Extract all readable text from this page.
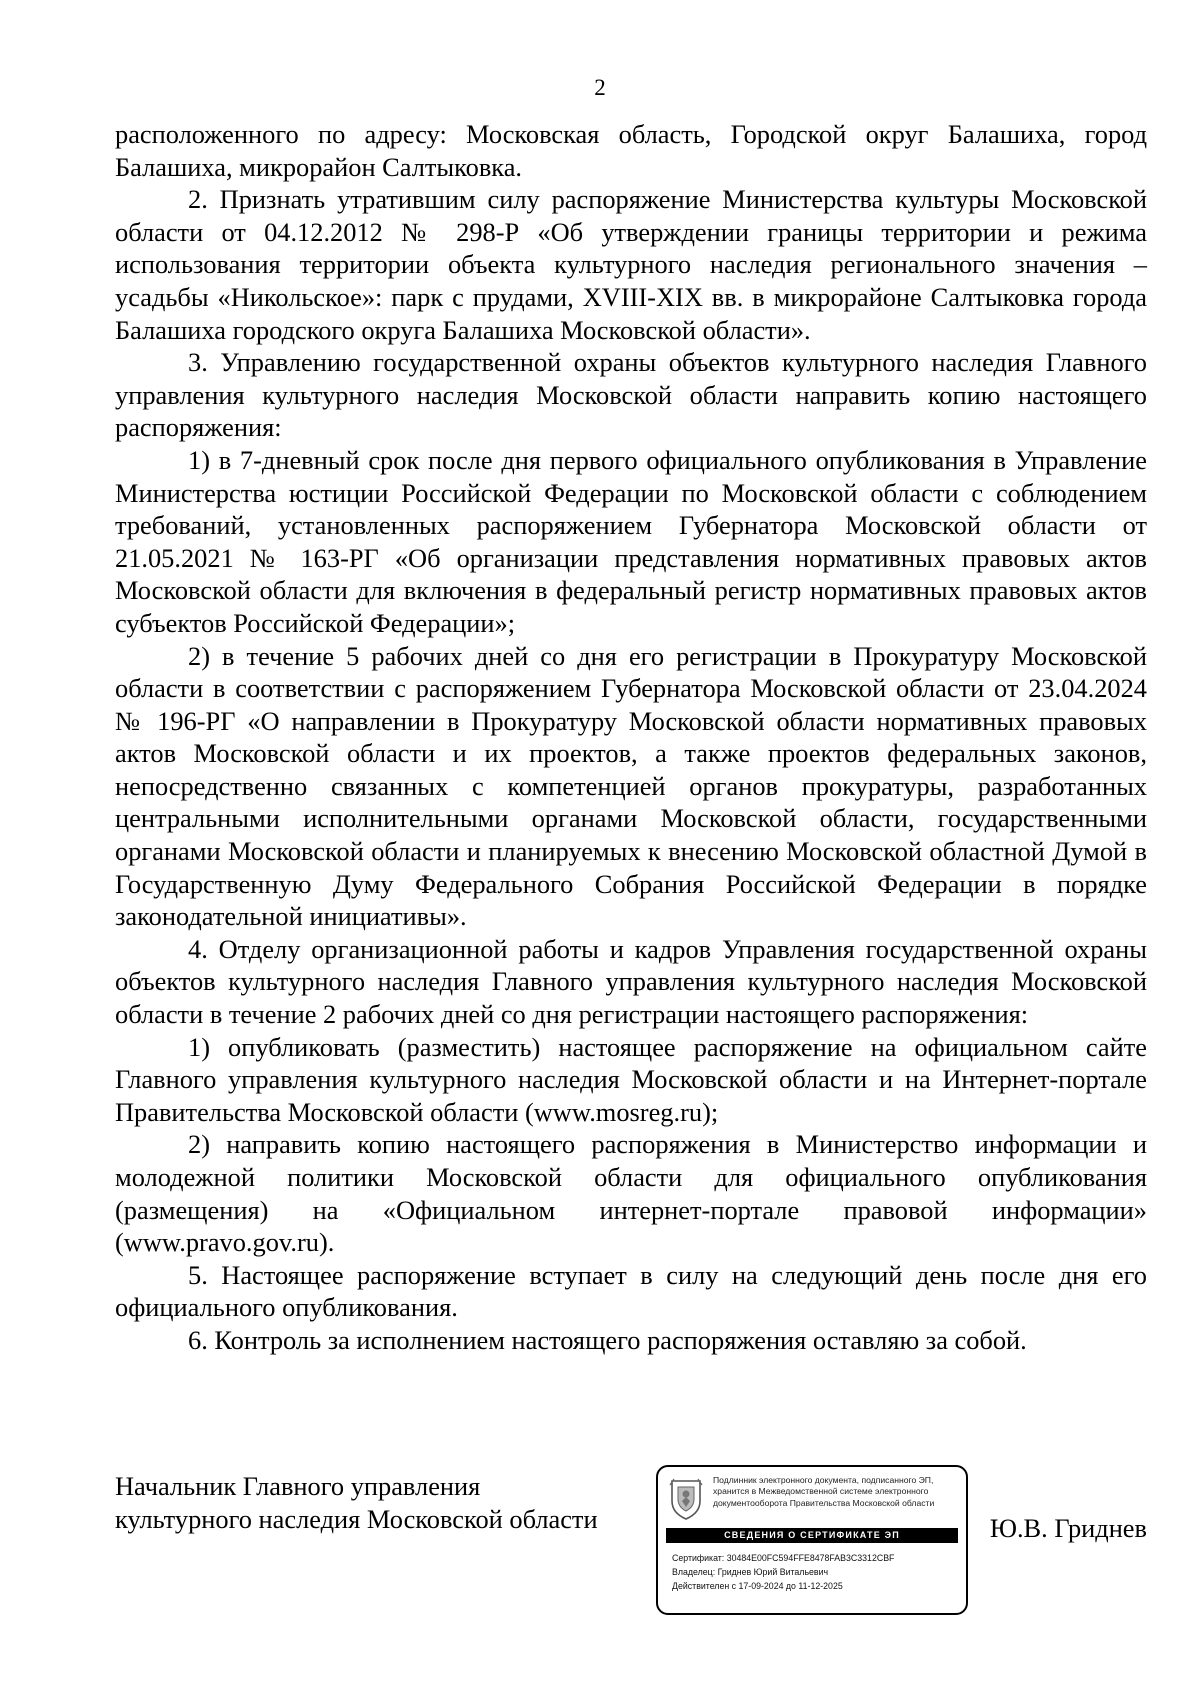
2

расположенного по адресу: Московская область, Городской округ Балашиха, город Балашиха, микрорайон Салтыковка.

2. Признать утратившим силу распоряжение Министерства культуры Московской области от 04.12.2012 № 298-Р «Об утверждении границы территории и режима использования территории объекта культурного наследия регионального значения – усадьбы «Никольское»: парк с прудами, XVIII-XIX вв. в микрорайоне Салтыковка города Балашиха городского округа Балашиха Московской области».

3. Управлению государственной охраны объектов культурного наследия Главного управления культурного наследия Московской области направить копию настоящего распоряжения:

1) в 7-дневный срок после дня первого официального опубликования в Управление Министерства юстиции Российской Федерации по Московской области с соблюдением требований, установленных распоряжением Губернатора Московской области от 21.05.2021 № 163-РГ «Об организации представления нормативных правовых актов Московской области для включения в федеральный регистр нормативных правовых актов субъектов Российской Федерации»;

2) в течение 5 рабочих дней со дня его регистрации в Прокуратуру Московской области в соответствии с распоряжением Губернатора Московской области от 23.04.2024 № 196-РГ «О направлении в Прокуратуру Московской области нормативных правовых актов Московской области и их проектов, а также проектов федеральных законов, непосредственно связанных с компетенцией органов прокуратуры, разработанных центральными исполнительными органами Московской области, государственными органами Московской области и планируемых к внесению Московской областной Думой в Государственную Думу Федерального Собрания Российской Федерации в порядке законодательной инициативы».

4. Отделу организационной работы и кадров Управления государственной охраны объектов культурного наследия Главного управления культурного наследия Московской области в течение 2 рабочих дней со дня регистрации настоящего распоряжения:

1) опубликовать (разместить) настоящее распоряжение на официальном сайте Главного управления культурного наследия Московской области и на Интернет-портале Правительства Московской области (www.mosreg.ru);

2) направить копию настоящего распоряжения в Министерство информации и молодежной политики Московской области для официального опубликования (размещения) на «Официальном интернет-портале правовой информации» (www.pravo.gov.ru).

5. Настоящее распоряжение вступает в силу на следующий день после дня его официального опубликования.

6. Контроль за исполнением настоящего распоряжения оставляю за собой.

Начальник Главного управления
культурного наследия Московской области
Подлинник электронного документа, подписанного ЭП,
хранится в Межведомственной системе электронного
документооборота Правительства Московской области
СВЕДЕНИЯ О СЕРТИФИКАТЕ ЭП
Сертификат: 30484E00FC594FFE8478FAB3C3312CBF
Владелец: Гриднев Юрий Витальевич
Действителен с 17-09-2024 до 11-12-2025
Ю.В. Гриднев
